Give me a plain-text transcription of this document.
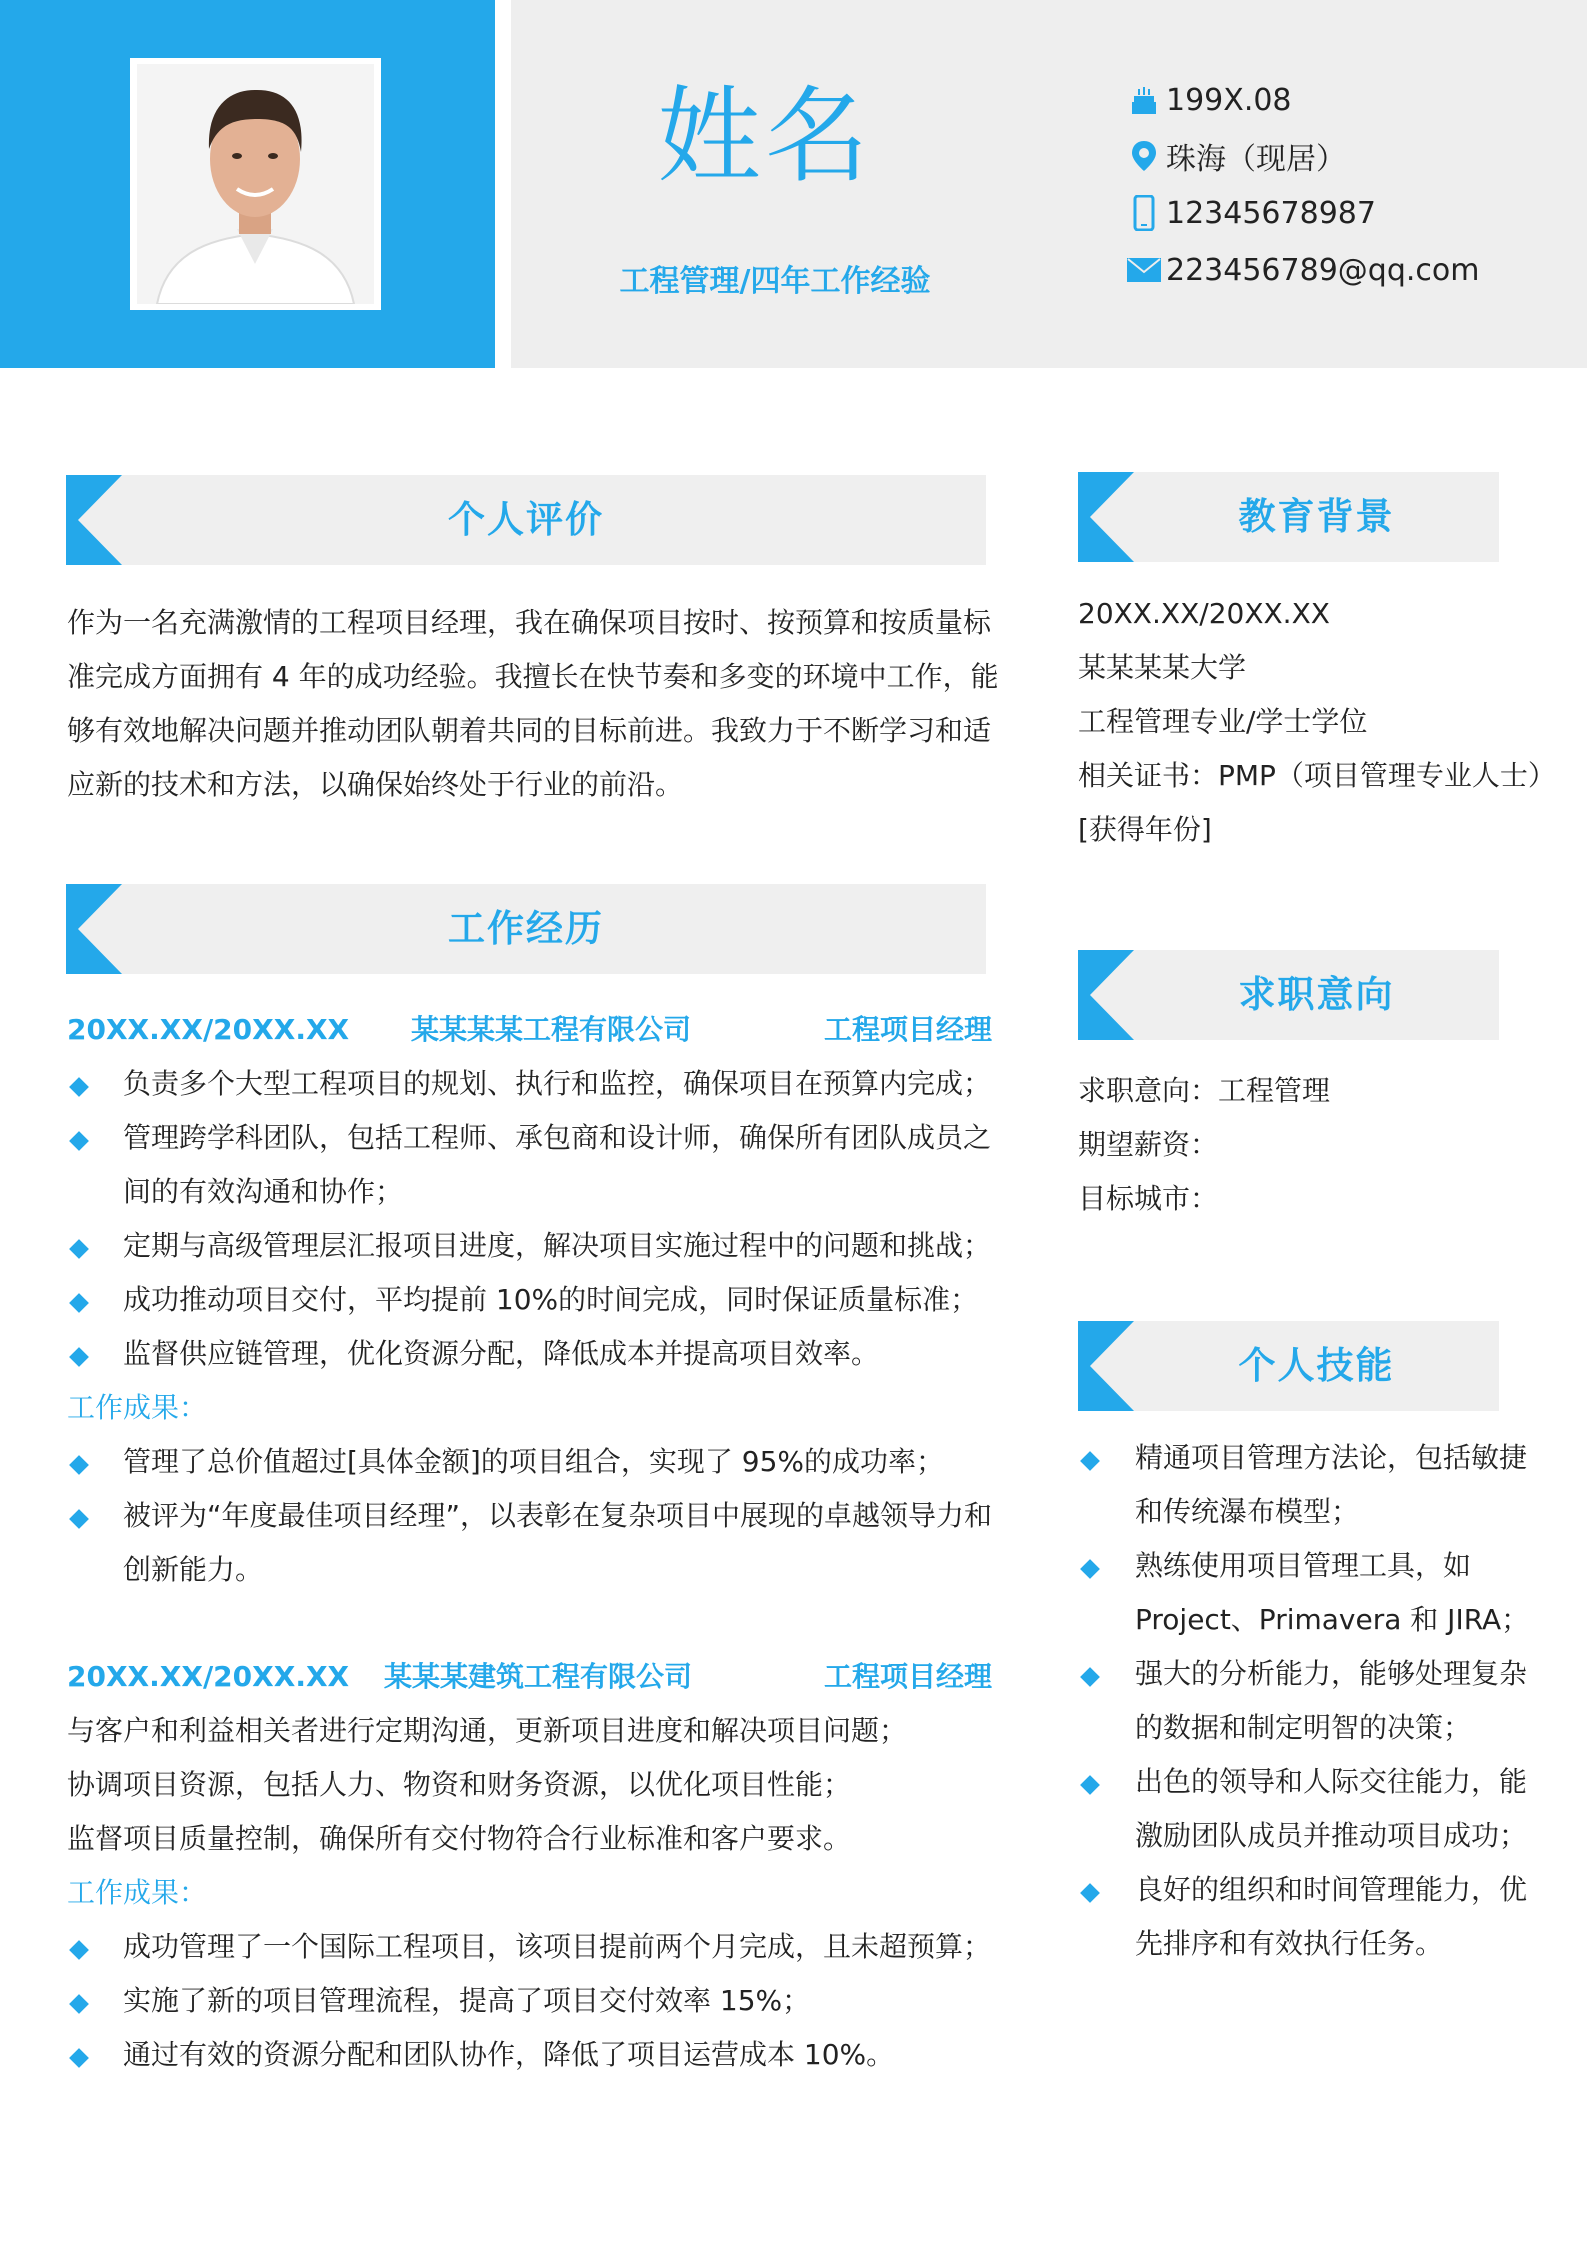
姓名
工程管理/四年工作经验
199X.08
珠海（现居）
12345678987
223456789@qq.com
个人评价
作为一名充满激情的工程项目经理，我在确保项目按时、按预算和按质量标
准完成方面拥有 4 年的成功经验。我擅长在快节奏和多变的环境中工作，能
够有效地解决问题并推动团队朝着共同的目标前进。我致力于不断学习和适
应新的技术和方法，以确保始终处于行业的前沿。
工作经历
20XX.XX/20XX.XX 某某某某工程有限公司	工程项目经理
负责多个大型工程项目的规划、执行和监控，确保项目在预算内完成；
管理跨学科团队，包括工程师、承包商和设计师，确保所有团队成员之
间的有效沟通和协作；
定期与高级管理层汇报项目进度，解决项目实施过程中的问题和挑战；
成功推动项目交付，平均提前 10%的时间完成，同时保证质量标准；
监督供应链管理，优化资源分配，降低成本并提高项目效率。
工作成果：
管理了总价值超过[具体金额]的项目组合，实现了 95%的成功率；
被评为“年度最佳项目经理”，以表彰在复杂项目中展现的卓越领导力和
创新能力。
20XX.XX/20XX.XX 某某某建筑工程有限公司	工程项目经理
与客户和利益相关者进行定期沟通，更新项目进度和解决项目问题；
协调项目资源，包括人力、物资和财务资源，以优化项目性能；
监督项目质量控制，确保所有交付物符合行业标准和客户要求。
工作成果：
成功管理了一个国际工程项目，该项目提前两个月完成，且未超预算；
实施了新的项目管理流程，提高了项目交付效率 15%；
通过有效的资源分配和团队协作，降低了项目运营成本 10%。
教育背景
20XX.XX/20XX.XX
某某某某大学
工程管理专业/学士学位
相关证书：PMP（项目管理专业人士）
[获得年份]
求职意向
求职意向：工程管理
期望薪资：
目标城市：
个人技能
精通项目管理方法论，包括敏捷
和传统瀑布模型；
熟练使用项目管理工具，如
Project、Primavera 和 JIRA；
强大的分析能力，能够处理复杂
的数据和制定明智的决策；
出色的领导和人际交往能力，能
激励团队成员并推动项目成功；
良好的组织和时间管理能力，优
先排序和有效执行任务。
